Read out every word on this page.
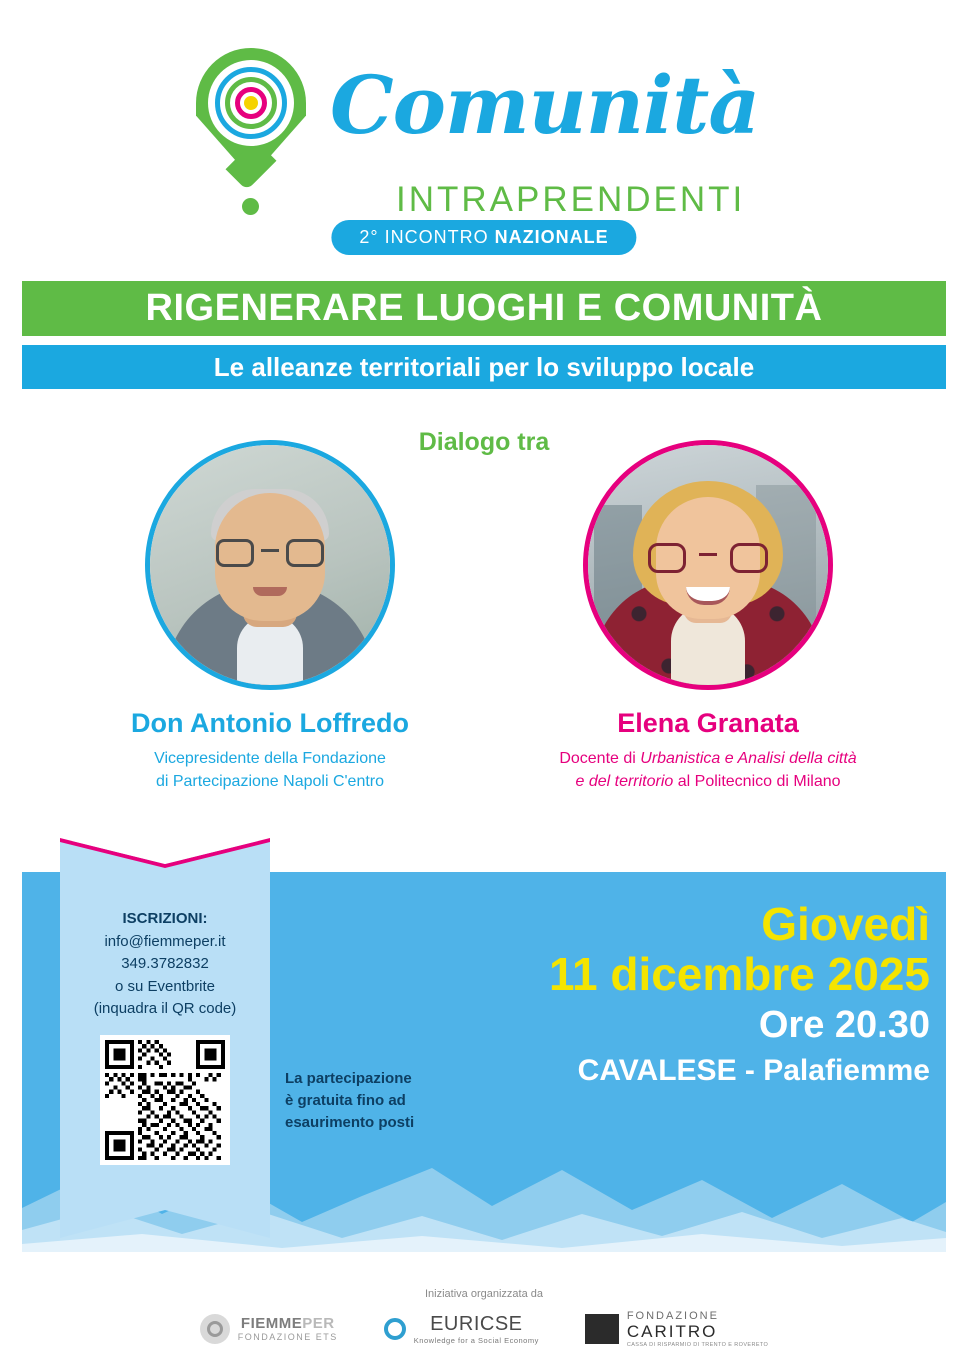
Comunità
INTRAPRENDENTI
2° INCONTRO NAZIONALE
RIGENERARE LUOGHI E COMUNITÀ
Le alleanze territoriali per lo sviluppo locale
Dialogo tra
Don Antonio Loffredo
Vicepresidente della Fondazione
di Partecipazione Napoli C'entro
Elena Granata
Docente di Urbanistica e Analisi della città
e del territorio al Politecnico di Milano
Giovedì
11 dicembre 2025
Ore 20.30
CAVALESE - Palafiemme
ISCRIZIONI:
info@fiemmeper.it
349.3782832
o su Eventbrite
(inquadra il QR code)
La partecipazione
è gratuita fino ad
esaurimento posti
Iniziativa organizzata da
FIEMMEPER
FONDAZIONE ETS
EURICSE
Knowledge for a Social Economy
FONDAZIONE
CARITRO
CASSA DI RISPARMIO DI TRENTO E ROVERETO
